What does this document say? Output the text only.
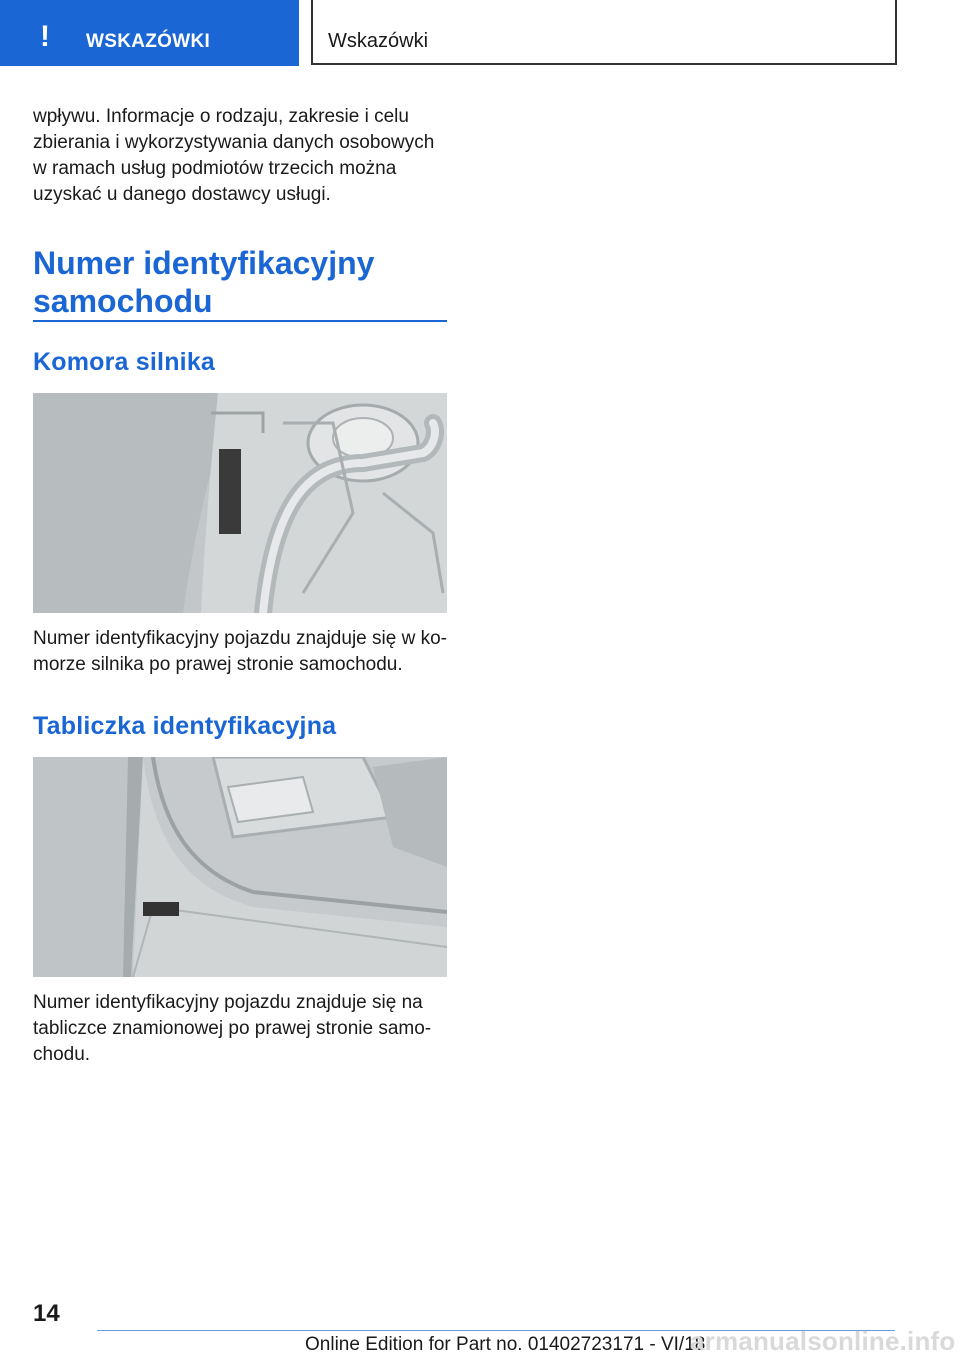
! WSKAZÓWKI	Wskazówki

wpływu. Informacje o rodzaju, zakresie i celu
zbierania i wykorzystywania danych osobowych
w ramach usług podmiotów trzecich można
uzyskać u danego dostawcy usługi.

Numer identyfikacyjny
samochodu
Komora silnika

Numer identyfikacyjny pojazdu znajduje się w ko-
morze silnika po prawej stronie samochodu.

Tabliczka identyfikacyjna

Numer identyfikacyjny pojazdu znajduje się na
tabliczce znamionowej po prawej stronie samo-
chodu.

14
Online Edition for Part no. 01402723171 - VI/18
armanualsonline.info
